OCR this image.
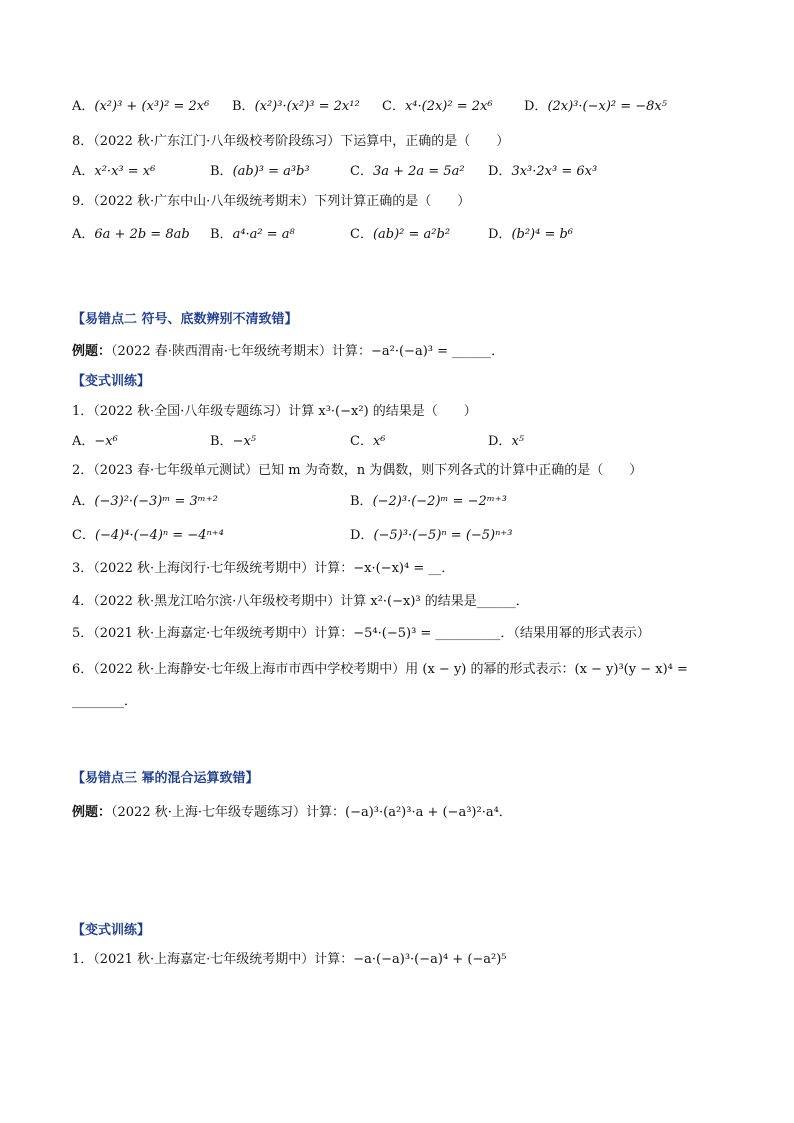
A．(x²)³ + (x³)² = 2x⁶ B．(x²)³·(x²)³ = 2x¹² C．x⁴·(2x)² = 2x⁶ D．(2x)³·(−x)² = −8x⁵
8．（2022 秋·广东江门·八年级校考阶段练习）下运算中，正确的是（　　）
A．x²·x³ = x⁶	B．(ab)³ = a³b³	C．3a + 2a = 5a² D．3x³·2x³ = 6x³
9．（2022 秋·广东中山·八年级统考期末）下列计算正确的是（　　）
A．6a + 2b = 8ab B．a⁴·a² = a⁸	C．(ab)² = a²b²	D．(b²)⁴ = b⁶
【易错点二 符号、底数辨别不清致错】
例题：（2022 春·陕西渭南·七年级统考期末）计算：−a²·(−a)³ = ______．
【变式训练】
1．（2022 秋·全国·八年级专题练习）计算 x³·(−x²) 的结果是（　　）
A．−x⁶	B．−x⁵	C．x⁶	D．x⁵
2．（2023 春·七年级单元测试）已知 m 为奇数，n 为偶数，则下列各式的计算中正确的是（　　）
A．(−3)²·(−3)ᵐ = 3ᵐ⁺²	B．(−2)³·(−2)ᵐ = −2ᵐ⁺³
C．(−4)⁴·(−4)ⁿ = −4ⁿ⁺⁴	D．(−5)³·(−5)ⁿ = (−5)ⁿ⁺³
3．（2022 秋·上海闵行·七年级统考期中）计算：−x·(−x)⁴ = __．
4．（2022 秋·黑龙江哈尔滨·八年级校考期中）计算 x²·(−x)³ 的结果是______．
5．（2021 秋·上海嘉定·七年级统考期中）计算：−5⁴·(−5)³ = __________．（结果用幂的形式表示）
6．（2022 秋·上海静安·七年级上海市市西中学校考期中）用 (x − y) 的幂的形式表示：(x − y)³(y − x)⁴ =
________．
【易错点三 幂的混合运算致错】
例题：（2022 秋·上海·七年级专题练习）计算：(−a)³·(a²)³·a + (−a³)²·a⁴．
【变式训练】
1．（2021 秋·上海嘉定·七年级统考期中）计算：−a·(−a)³·(−a)⁴ + (−a²)⁵
